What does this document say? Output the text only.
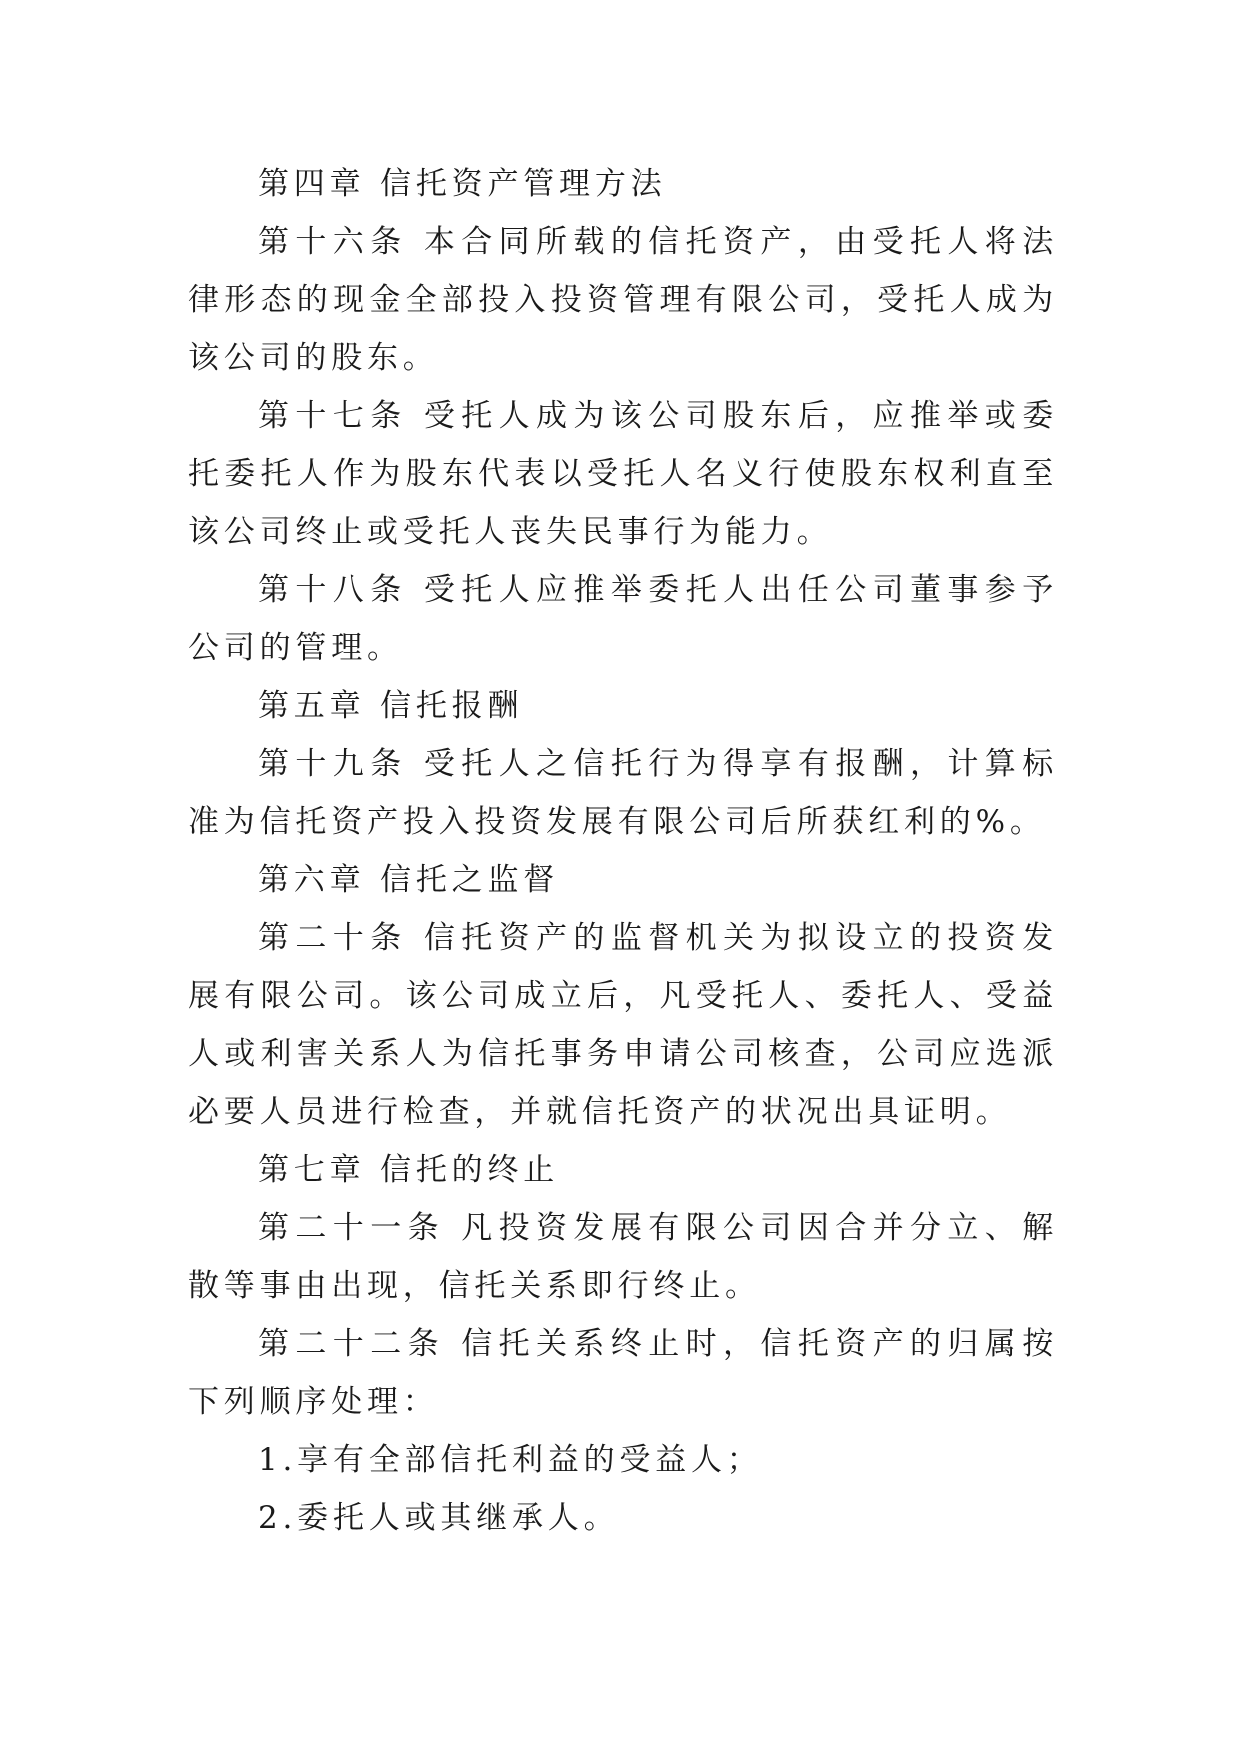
第四章 信托资产管理方法

第十六条 本合同所载的信托资产，由受托人将法律形态的现金全部投入投资管理有限公司，受托人成为该公司的股东。

第十七条 受托人成为该公司股东后，应推举或委托委托人作为股东代表以受托人名义行使股东权利直至该公司终止或受托人丧失民事行为能力。

第十八条 受托人应推举委托人出任公司董事参予公司的管理。

第五章 信托报酬

第十九条 受托人之信托行为得享有报酬，计算标准为信托资产投入投资发展有限公司后所获红利的%。

第六章 信托之监督

第二十条 信托资产的监督机关为拟设立的投资发展有限公司。该公司成立后，凡受托人、委托人、受益人或利害关系人为信托事务申请公司核查，公司应选派必要人员进行检查，并就信托资产的状况出具证明。

第七章 信托的终止

第二十一条 凡投资发展有限公司因合并分立、解散等事由出现，信托关系即行终止。

第二十二条 信托关系终止时，信托资产的归属按下列顺序处理：

1.享有全部信托利益的受益人；

2.委托人或其继承人。
